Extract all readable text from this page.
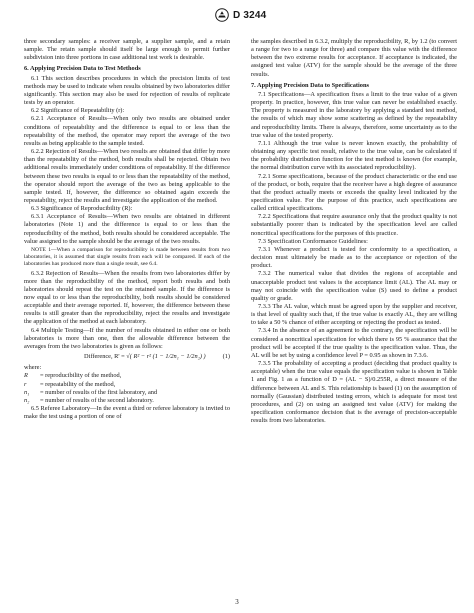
D 3244

three secondary samples: a receiver sample, a supplier sample, and a retain sample. The retain sample should itself be large enough to permit further subdivision into three portions in case additional test work is desirable.

6. Applying Precision Data to Test Methods

6.1 This section describes procedures in which the precision limits of test methods may be used to indicate when results obtained by two laboratories differ significantly. This section may also be used for rejection of results of replicate tests by an operator.

6.2 Significance of Repeatability (r):

6.2.1 Acceptance of Results—When only two results are obtained under conditions of repeatability and the difference is equal to or less than the repeatability of the method, the operator may report the average of the two results as being applicable to the sample tested.

6.2.2 Rejection of Results—When two results are obtained that differ by more than the repeatability of the method, both results shall be rejected. Obtain two additional results immediately under conditions of repeatability. If the difference between these two results is equal to or less than the repeatability of the method, the operator should report the average of the two as being applicable to the sample tested. If, however, the difference so obtained again exceeds the repeatability, reject the results and investigate the application of the method.

6.3 Significance of Reproducibility (R):

6.3.1 Acceptance of Results—When two results are obtained in different laboratories (Note 1) and the difference is equal to or less than the reproducibility of the method, both results should be considered acceptable. The value assigned to the sample should be the average of the two results.

NOTE 1—When a comparison for reproducibility is made between results from two laboratories, it is assumed that single results from each will be compared. If each of the laboratories has produced more than a single result, see 6.4.

6.3.2 Rejection of Results—When the results from two laboratories differ by more than the reproducibility of the method, report both results and both laboratories should repeat the test on the retained sample. If the difference is now equal to or less than the reproducibility, both results should be considered acceptable and their average reported. If, however, the difference between these results is still greater than the reproducibility, reject the results and investigate the application of the method at each laboratory.

6.4 Multiple Testing—If the number of results obtained in either one or both laboratories is more than one, then the allowable difference between the averages from the two laboratories is given as follows:

Difference, R' = √( R² − r² (1 − 1/2n₁ − 1/2n₂) )	(1)

where:

R	= reproducibility of the method,
r	= repeatability of the method,
n₁	= number of results of the first laboratory, and
n₂	= number of results of the second laboratory.

6.5 Referee Laboratory—In the event a third or referee laboratory is invited to make the test using a portion of one of

the samples described in 6.3.2, multiply the reproducibility, R, by 1.2 (to convert a range for two to a range for three) and compare this value with the difference between the two extreme results for acceptance. If acceptance is indicated, the assigned test value (ATV) for the sample should be the average of the three results.

7. Applying Precision Data to Specifications

7.1 Specifications—A specification fixes a limit to the true value of a given property. In practice, however, this true value can never be established exactly. The property is measured in the laboratory by applying a standard test method, the results of which may show some scattering as defined by the repeatability and reproducibility limits. There is always, therefore, some uncertainty as to the true value of the tested property.

7.1.1 Although the true value is never known exactly, the probability of obtaining any specific test result, relative to the true value, can be calculated if the probability distribution function for the test method is known (for example, the normal distribution curve with its associated reproducibility).

7.2.1 Some specifications, because of the product characteristic or the end use of the product, or both, require that the receiver have a high degree of assurance that the product actually meets or exceeds the quality level indicated by the specification value. For the purpose of this practice, such specifications are called critical specifications.

7.2.2 Specifications that require assurance only that the product quality is not substantially poorer than is indicated by the specification level are called noncritical specifications for the purposes of this practice.

7.3 Specification Conformance Guidelines:

7.3.1 Whenever a product is tested for conformity to a specification, a decision must ultimately be made as to the acceptance or rejection of the product.

7.3.2 The numerical value that divides the regions of acceptable and unacceptable product test values is the acceptance limit (AL). The AL may or may not coincide with the specification value (S) used to define a product quality or grade.

7.3.3 The AL value, which must be agreed upon by the supplier and receiver, is that level of quality such that, if the true value is exactly AL, they are willing to take a 50 % chance of either accepting or rejecting the product as tested.

7.3.4 In the absence of an agreement to the contrary, the specification will be considered a noncritical specification for which there is 95 % assurance that the product will be accepted if the true quality is the specification value. Thus, the AL will be set by using a confidence level P = 0.95 as shown in 7.3.6.

7.3.5 The probability of accepting a product (deciding that product quality is acceptable) when the true value equals the specification value is shown in Table 1 and Fig. 1 as a function of D = (AL − S)/0.255R, a direct measure of the difference between AL and S. This relationship is based (1) on the assumption of normally (Gaussian) distributed testing errors, which is adequate for most test procedures, and (2) on using an assigned test value (ATV) for making the specification conformance decision that is the average of precision-acceptable results from two laboratories.

3
